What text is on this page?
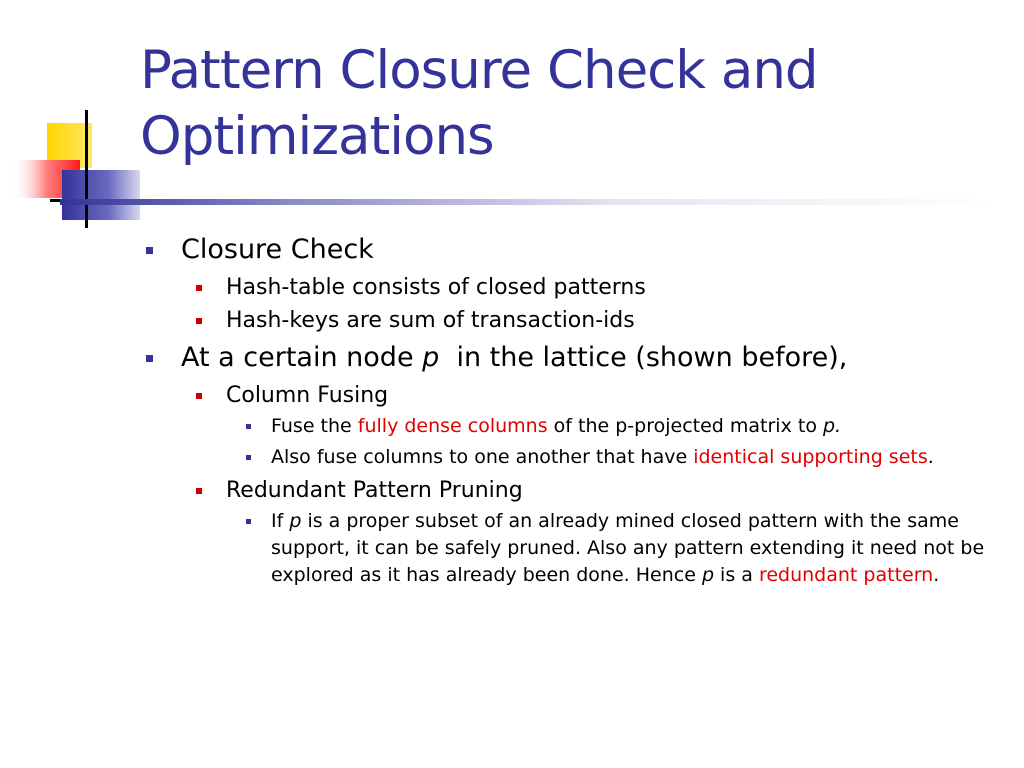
Pattern Closure Check and
Optimizations
Closure Check
Hash-table consists of closed patterns
Hash-keys are sum of transaction-ids
At a certain node p  in the lattice (shown before),
Column Fusing
Fuse the fully dense columns of the p-projected matrix to p.
Also fuse columns to one another that have identical supporting sets.
Redundant Pattern Pruning
If p is a proper subset of an already mined closed pattern with the same support, it can be safely pruned. Also any pattern extending it need not be explored as it has already been done. Hence p is a redundant pattern.
